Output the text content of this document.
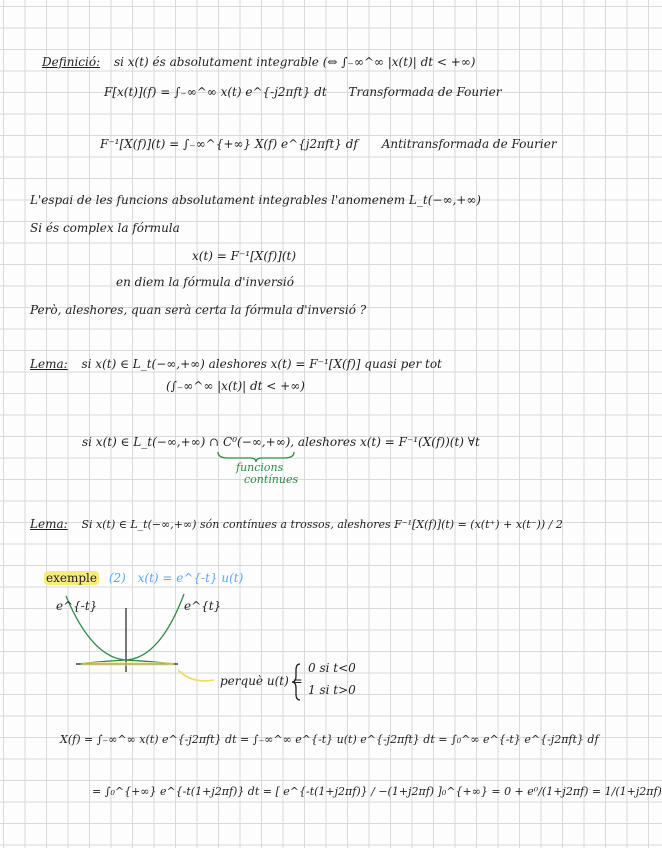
Definició: si x(t) és absolutament integrable (⇔ ∫₋∞^∞ |x(t)| dt < +∞)
F[x(t)](f) = ∫₋∞^∞ x(t) e^{-j2πft} dt Transformada de Fourier
F⁻¹[X(f)](t) = ∫₋∞^{+∞} X(f) e^{j2πft} df Antitransformada de Fourier
L'espai de les funcions absolutament integrables l'anomenem L_t(−∞,+∞)
Si és complex la fórmula
x(t) = F⁻¹[X(f)](t)
en diem la fórmula d'inversió
Però, aleshores, quan serà certa la fórmula d'inversió ?
Lema: si x(t) ∈ L_t(−∞,+∞) aleshores x(t) = F⁻¹[X(f)] quasi per tot
(∫₋∞^∞ |x(t)| dt < +∞)
si x(t) ∈ L_t(−∞,+∞) ∩ C⁰(−∞,+∞), aleshores x(t) = F⁻¹(X(f))(t) ∀t
funcions
contínues
Lema: Si x(t) ∈ L_t(−∞,+∞) són contínues a trossos, aleshores F⁻¹[X(f)](t) = (x(t⁺) + x(t⁻)) / 2
exemple (2) x(t) = e^{-t} u(t)
e^{-t}	e^{t}
perquè u(t) =
0 si t<0
1 si t>0
X(f) = ∫₋∞^∞ x(t) e^{-j2πft} dt = ∫₋∞^∞ e^{-t} u(t) e^{-j2πft} dt = ∫₀^∞ e^{-t} e^{-j2πft} df
= ∫₀^{+∞} e^{-t(1+j2πf)} dt = [ e^{-t(1+j2πf)} / −(1+j2πf) ]₀^{+∞} = 0 + e⁰/(1+j2πf) = 1/(1+j2πf)
